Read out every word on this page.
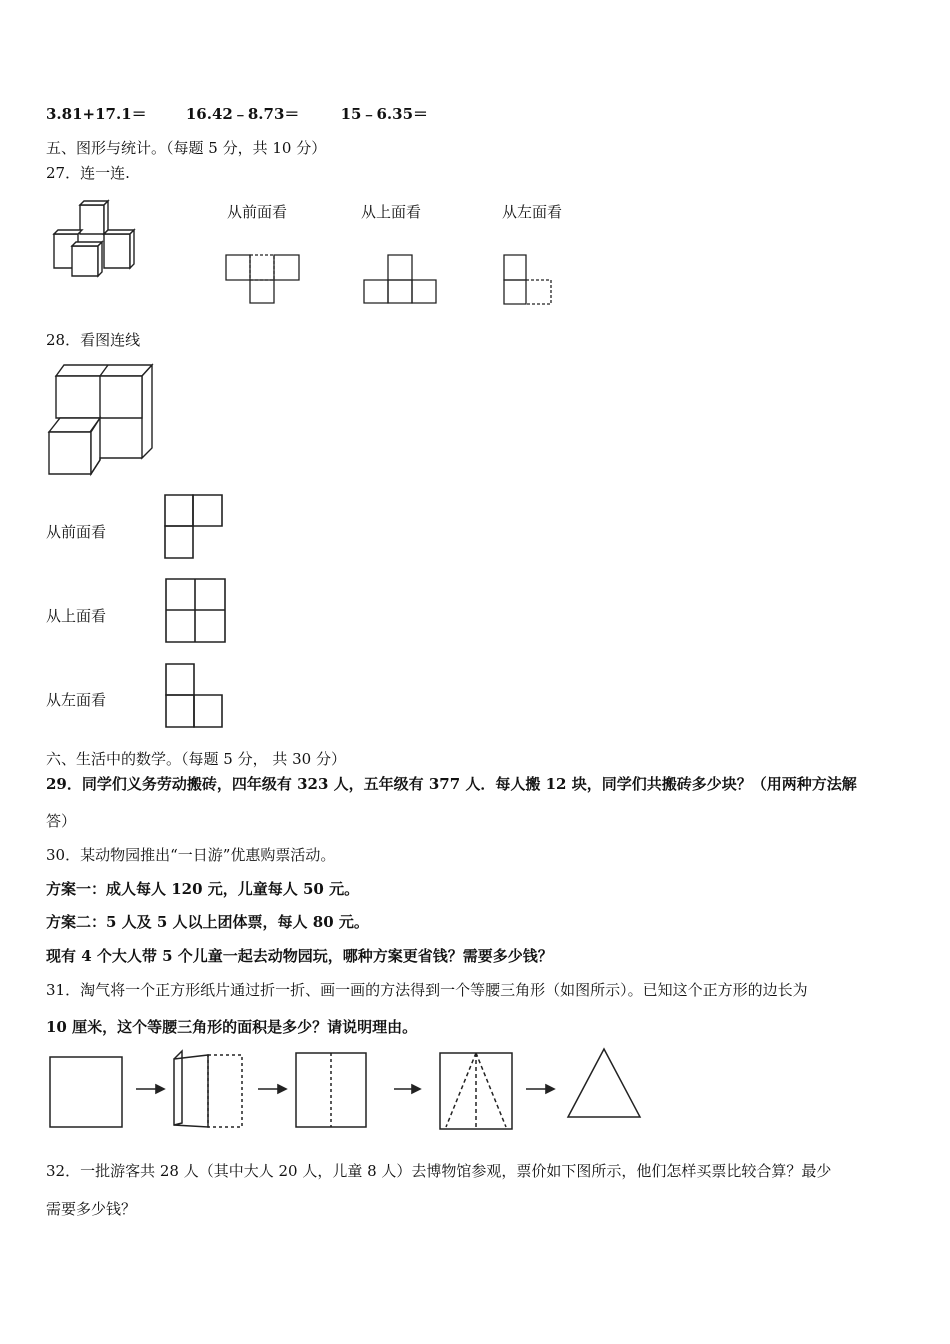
3.81+17.1＝	16.42﹣8.73＝	15﹣6.35＝
五、图形与统计。（每题 5 分，共 10 分）
27．连一连.
从前面看	从上面看	从左面看
28．看图连线
从前面看
从上面看
从左面看
六、生活中的数学。（每题 5 分， 共 30 分）
29．同学们义务劳动搬砖，四年级有 323 人，五年级有 377 人．每人搬 12 块，同学们共搬砖多少块？（用两种方法解
答）
30．某动物园推出“一日游”优惠购票活动。
方案一：成人每人 120 元，儿童每人 50 元。
方案二：5 人及 5 人以上团体票，每人 80 元。
现有 4 个大人带 5 个儿童一起去动物园玩，哪种方案更省钱？需要多少钱？
31．淘气将一个正方形纸片通过折一折、画一画的方法得到一个等腰三角形（如图所示）。已知这个正方形的边长为
10 厘米，这个等腰三角形的面积是多少？请说明理由。
32．一批游客共 28 人（其中大人 20 人，儿童 8 人）去博物馆参观，票价如下图所示，他们怎样买票比较合算？最少
需要多少钱？
